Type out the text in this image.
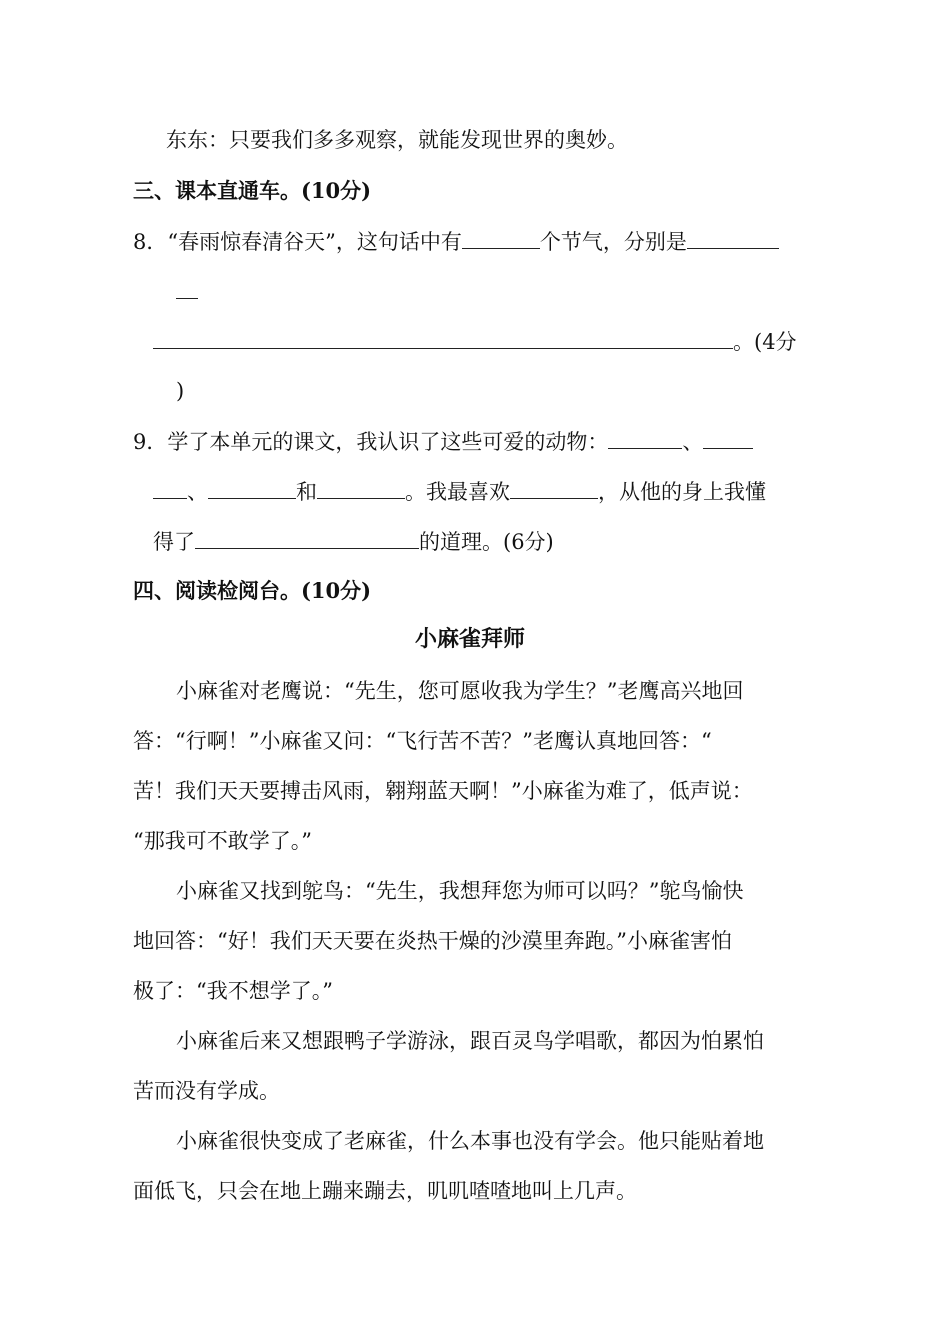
东东：只要我们多多观察，就能发现世界的奥妙。
三、课本直通车。(10分)
8．“春雨惊春清谷天”，这句话中有	个节气，分别是
。(4分
)
9．学了本单元的课文，我认识了这些可爱的动物：	、
、	和	。我最喜欢	，从他的身上我懂
得了	的道理。(6分)
四、阅读检阅台。(10分)
小麻雀拜师
小麻雀对老鹰说：“先生，您可愿收我为学生？”老鹰高兴地回
答：“行啊！”小麻雀又问：“飞行苦不苦？”老鹰认真地回答：“
苦！我们天天要搏击风雨，翱翔蓝天啊！”小麻雀为难了，低声说：
“那我可不敢学了。”
小麻雀又找到鸵鸟：“先生，我想拜您为师可以吗？”鸵鸟愉快
地回答：“好！我们天天要在炎热干燥的沙漠里奔跑。”小麻雀害怕
极了：“我不想学了。”
小麻雀后来又想跟鸭子学游泳，跟百灵鸟学唱歌，都因为怕累怕
苦而没有学成。
小麻雀很快变成了老麻雀，什么本事也没有学会。他只能贴着地
面低飞，只会在地上蹦来蹦去，叽叽喳喳地叫上几声。
